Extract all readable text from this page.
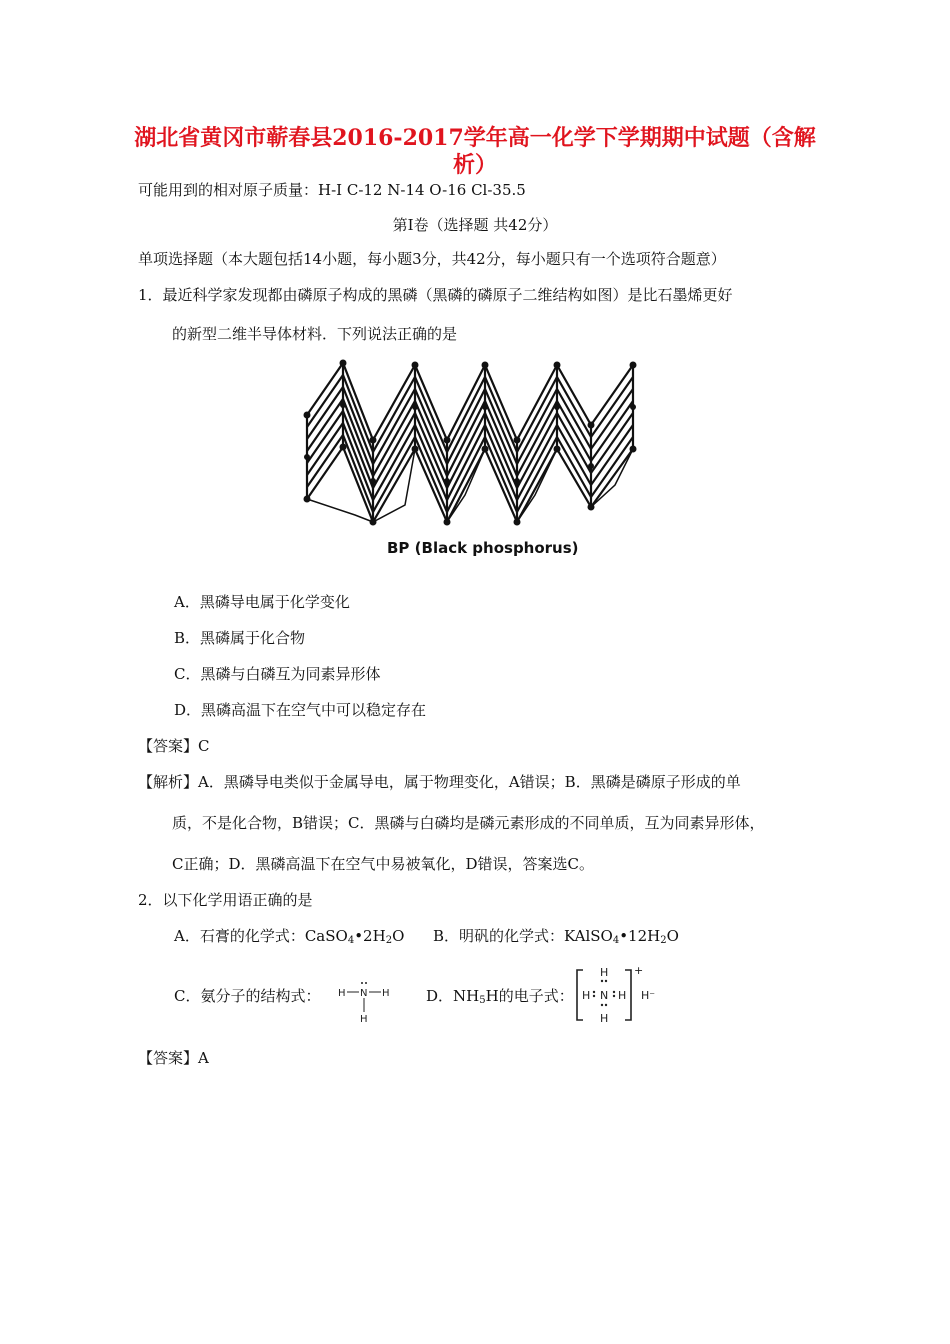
湖北省黄冈市蕲春县2016-2017学年高一化学下学期期中试题（含解
析）
可能用到的相对原子质量：H-I C-12 N-14 O-16 Cl-35.5
第Ⅰ卷（选择题 共42分）
单项选择题（本大题包括14小题，每小题3分，共42分，每小题只有一个选项符合题意）
1．最近科学家发现都由磷原子构成的黑磷（黑磷的磷原子二维结构如图）是比石墨烯更好
的新型二维半导体材料．下列说法正确的是
BP (Black phosphorus)
A．黑磷导电属于化学变化
B．黑磷属于化合物
C．黑磷与白磷互为同素异形体
D．黑磷高温下在空气中可以稳定存在
【答案】C
【解析】A．黑磷导电类似于金属导电，属于物理变化，A错误；B．黑磷是磷原子形成的单
质，不是化合物，B错误；C．黑磷与白磷均是磷元素形成的不同单质，互为同素异形体，
C正确；D．黑磷高温下在空气中易被氧化，D错误，答案选C。
2．以下化学用语正确的是
A．石膏的化学式：$CaSO_4•2H_2O$ B．明矾的化学式：$KAlSO_4•12H_2O$
C．氨分子的结构式： H N H
H
D．$NH_5H$的电子式：
H
H N H
H
+
H⁻
【答案】A
